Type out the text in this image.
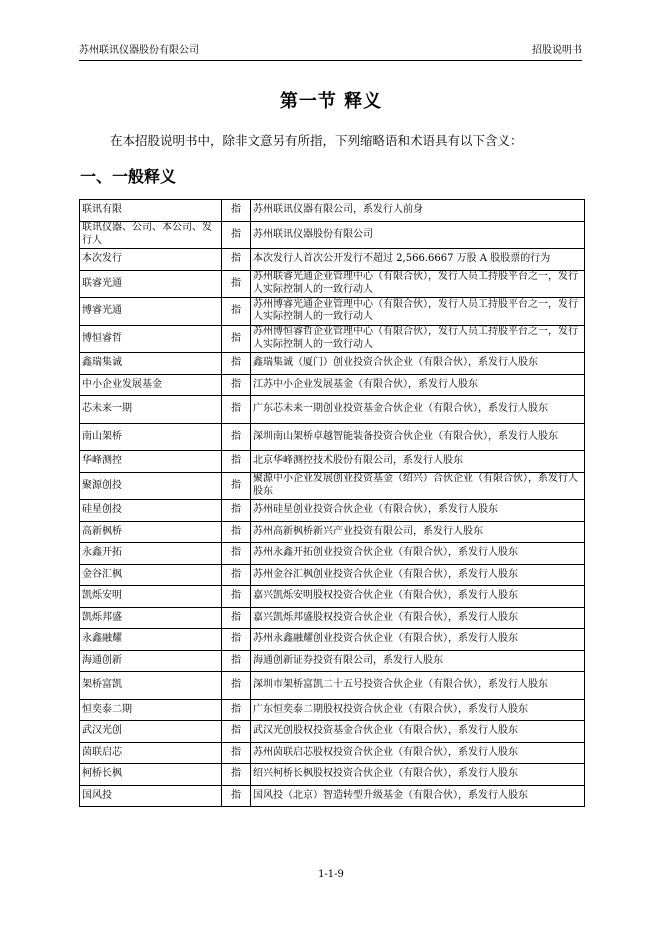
苏州联讯仪器股份有限公司	招股说明书
第一节 释义
在本招股说明书中，除非文意另有所指，下列缩略语和术语具有以下含义：
一、一般释义
联讯有限	指	苏州联讯仪器有限公司，系发行人前身
联讯仪器、公司、本公司、发行人	指	苏州联讯仪器股份有限公司
本次发行	指	本次发行人首次公开发行不超过 2,566.6667 万股 A 股股票的行为
联睿光通	指	苏州联睿光通企业管理中心（有限合伙），发行人员工持股平台之一，发行人实际控制人的一致行动人
博睿光通	指	苏州博睿光通企业管理中心（有限合伙），发行人员工持股平台之一，发行人实际控制人的一致行动人
博恒睿哲	指	苏州博恒睿哲企业管理中心（有限合伙），发行人员工持股平台之一，发行人实际控制人的一致行动人
鑫瑞集诚	指	鑫瑞集诚（厦门）创业投资合伙企业（有限合伙），系发行人股东
中小企业发展基金	指	江苏中小企业发展基金（有限合伙），系发行人股东
芯未来一期	指	广东芯未来一期创业投资基金合伙企业（有限合伙），系发行人股东
南山架桥	指	深圳南山架桥卓越智能装备投资合伙企业（有限合伙），系发行人股东
华峰测控	指	北京华峰测控技术股份有限公司，系发行人股东
聚源创投	指	聚源中小企业发展创业投资基金（绍兴）合伙企业（有限合伙），系发行人股东
硅星创投	指	苏州硅星创业投资合伙企业（有限合伙），系发行人股东
高新枫桥	指	苏州高新枫桥新兴产业投资有限公司，系发行人股东
永鑫开拓	指	苏州永鑫开拓创业投资合伙企业（有限合伙），系发行人股东
金谷汇枫	指	苏州金谷汇枫创业投资合伙企业（有限合伙），系发行人股东
凯烁安明	指	嘉兴凯烁安明股权投资合伙企业（有限合伙），系发行人股东
凯烁邦盛	指	嘉兴凯烁邦盛股权投资合伙企业（有限合伙），系发行人股东
永鑫融耀	指	苏州永鑫融耀创业投资合伙企业（有限合伙），系发行人股东
海通创新	指	海通创新证券投资有限公司，系发行人股东
架桥富凯	指	深圳市架桥富凯二十五号投资合伙企业（有限合伙），系发行人股东
恒奕泰二期	指	广东恒奕泰二期股权投资合伙企业（有限合伙），系发行人股东
武汉光创	指	武汉光创股权投资基金合伙企业（有限合伙），系发行人股东
茵联启芯	指	苏州茵联启芯股权投资合伙企业（有限合伙），系发行人股东
柯桥长枫	指	绍兴柯桥长枫股权投资合伙企业（有限合伙），系发行人股东
国风投	指	国风投（北京）智造转型升级基金（有限合伙），系发行人股东
1-1-9
